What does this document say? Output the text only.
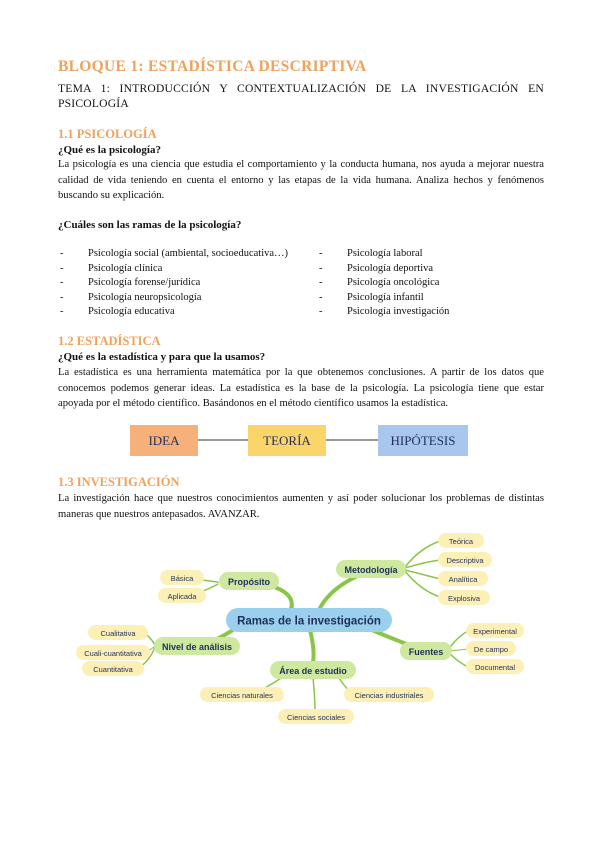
BLOQUE 1: ESTADÍSTICA DESCRIPTIVA
TEMA 1: INTRODUCCIÓN Y CONTEXTUALIZACIÓN DE LA INVESTIGACIÓN EN PSICOLOGÍA
1.1 PSICOLOGÍA
¿Qué es la psicología?
La psicología es una ciencia que estudia el comportamiento y la conducta humana, nos ayuda a mejorar nuestra calidad de vida teniendo en cuenta el entorno y las etapas de la vida humana. Analiza hechos y fenómenos buscando su explicación.
¿Cuáles son las ramas de la psicología?
- Psicología social (ambiental, socioeducativa…)
- Psicología clínica
- Psicología forense/jurídica
- Psicología neuropsicología
- Psicología educativa
- Psicología laboral
- Psicología deportiva
- Psicología oncológica
- Psicología infantil
- Psicología investigación
1.2 ESTADÍSTICA
¿Qué es la estadística y para que la usamos?
La estadística es una herramienta matemática por la que obtenemos conclusiones. A partir de los datos que conocemos podemos generar ideas. La estadística es la base de la psicología. La psicología tiene que estar apoyada por el método científico. Basándonos en el método científico usamos la estadística.
IDEA	TEORÍA	HIPÓTESIS
1.3 INVESTIGACIÓN
La investigación hace que nuestros conocimientos aumenten y así poder solucionar los problemas de distintas maneras que nuestros antepasados. AVANZAR.
Ramas de la investigación
Propósito
Metodología
Nivel de análisis
Área de estudio
Fuentes
Básica
Aplicada
Teórica
Descriptiva
Analítica
Explosiva
Cualitativa
Cuali-cuantitativa
Cuantitativa
Ciencias naturales
Ciencias sociales
Ciencias industriales
Experimental
De campo
Documental
